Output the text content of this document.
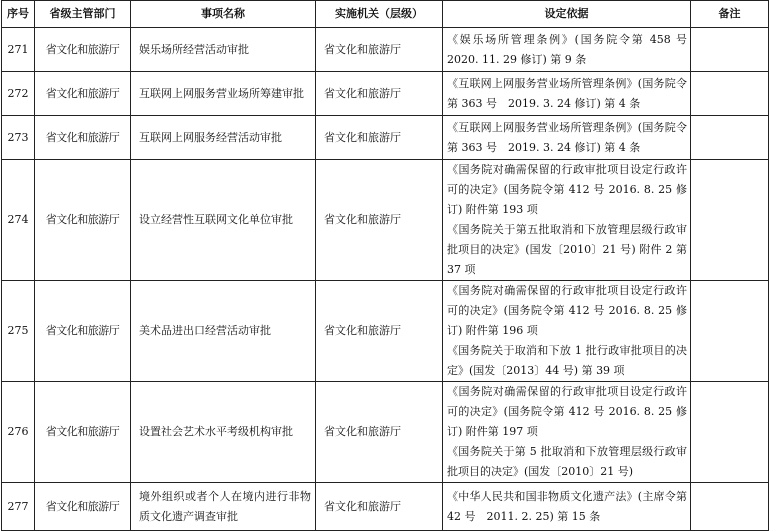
序号	省级主管部门	事项名称	实施机关（层级）	设定依据	备注
271	省文化和旅游厅	娱乐场所经营活动审批	省文化和旅游厅	《娱乐场所管理条例》(国务院令第 458 号 2020. 11. 29 修订) 第 9 条	

272	省文化和旅游厅	互联网上网服务营业场所筹建审批	省文化和旅游厅	《互联网上网服务营业场所管理条例》(国务院令第 363 号　2019. 3. 24 修订) 第 4 条	

273	省文化和旅游厅	互联网上网服务经营活动审批	省文化和旅游厅	《互联网上网服务营业场所管理条例》(国务院令第 363 号　2019. 3. 24 修订) 第 4 条	

274	省文化和旅游厅	设立经营性互联网文化单位审批	省文化和旅游厅	《国务院对确需保留的行政审批项目设定行政许可的决定》(国务院令第 412 号 2016. 8. 25 修订) 附件第 193 项
《国务院关于第五批取消和下放管理层级行政审批项目的决定》(国发〔2010〕21 号) 附件 2 第 37 项	

275	省文化和旅游厅	美术品进出口经营活动审批	省文化和旅游厅	《国务院对确需保留的行政审批项目设定行政许可的决定》(国务院令第 412 号 2016. 8. 25 修订) 附件第 196 项
《国务院关于取消和下放 1 批行政审批项目的决定》(国发〔2013〕44 号) 第 39 项	

276	省文化和旅游厅	设置社会艺术水平考级机构审批	省文化和旅游厅	《国务院对确需保留的行政审批项目设定行政许可的决定》(国务院令第 412 号 2016. 8. 25 修订) 附件第 197 项
《国务院关于第 5 批取消和下放管理层级行政审批项目的决定》(国发〔2010〕21 号)	

277	省文化和旅游厅	境外组织或者个人在境内进行非物质文化遗产调查审批	省文化和旅游厅	《中华人民共和国非物质文化遗产法》(主席令第 42 号　2011. 2. 25) 第 15 条	
